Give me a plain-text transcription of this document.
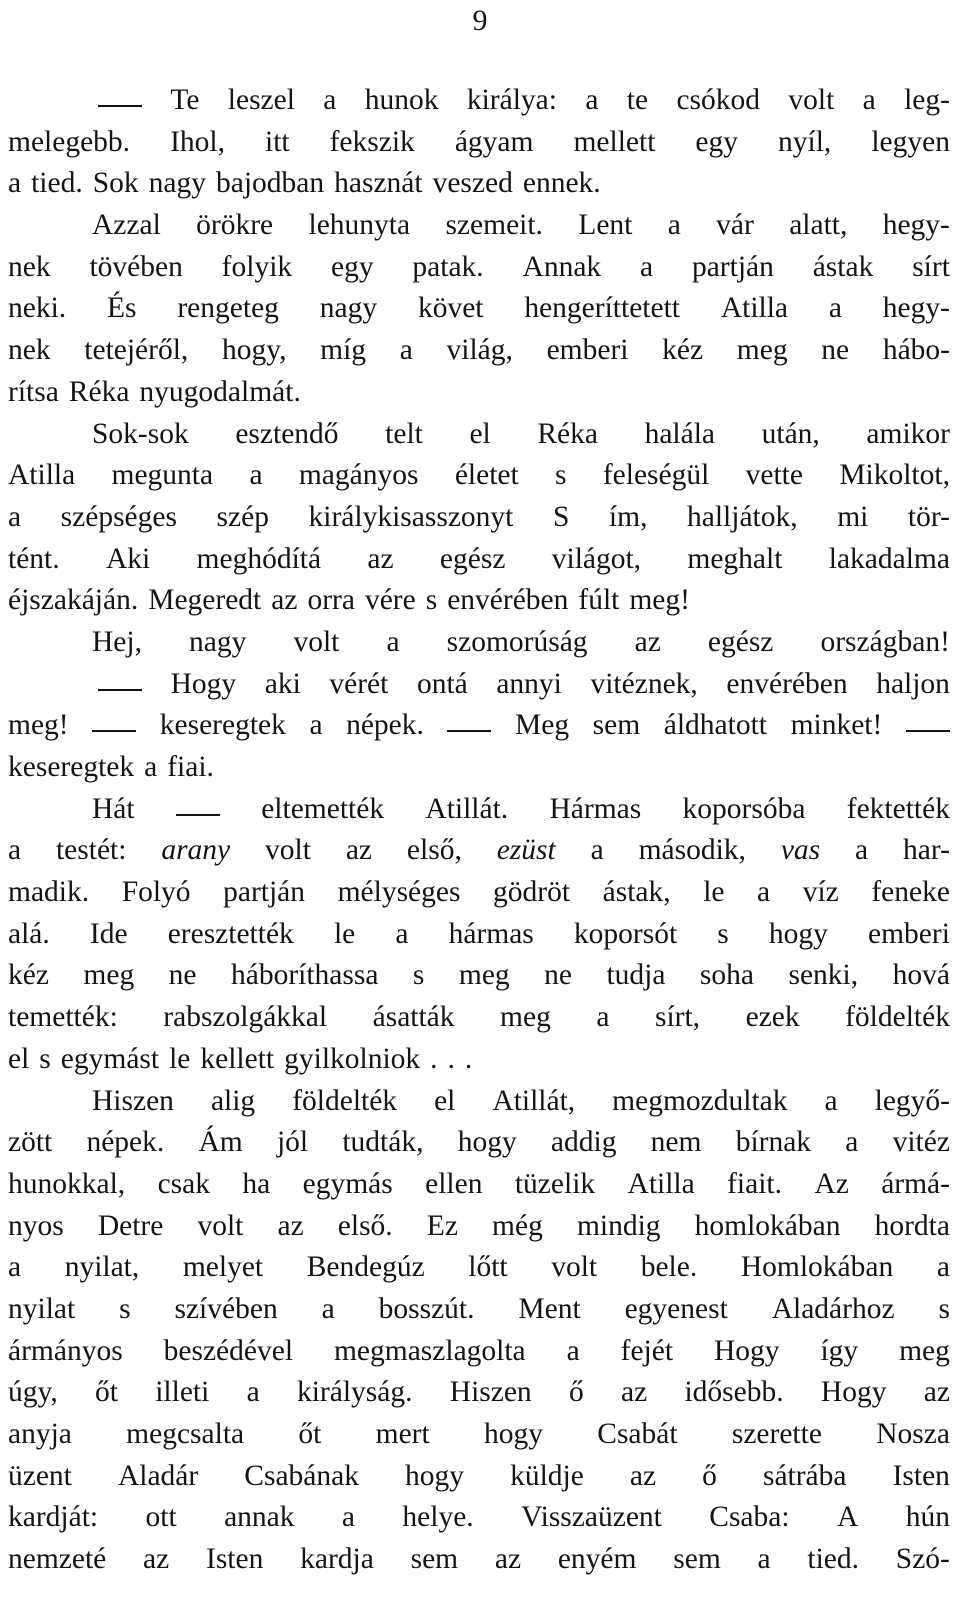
9
Te leszel a hunok királya: a te csókod volt a leg-
melegebb. Ihol, itt fekszik ágyam mellett egy nyíl, legyen
a tied. Sok nagy bajodban hasznát veszed ennek.
Azzal örökre lehunyta szemeit. Lent a vár alatt, hegy-
nek tövében folyik egy patak. Annak a partján ástak sírt
neki. És rengeteg nagy követ hengeríttetett Atilla a hegy-
nek tetejéről, hogy, míg a világ, emberi kéz meg ne hábo-
rítsa Réka nyugodalmát.
Sok-sok esztendő telt el Réka halála után, amikor
Atilla megunta a magányos életet s feleségül vette Mikoltot,
a szépséges szép királykisasszonyt S ím, halljátok, mi tör-
tént. Aki meghódítá az egész világot, meghalt lakadalma
éjszakáján. Megeredt az orra vére s envérében fúlt meg!
Hej, nagy volt a szomorúság az egész országban!
Hogy aki vérét ontá annyi vitéznek, envérében haljon
meg!	keseregtek a népek.	Meg sem áldhatott minket!
keseregtek a fiai.
Hát	eltemették Atillát. Hármas koporsóba fektették
a testét: arany volt az első, ezüst a második, vas a har-
madik. Folyó partján mélységes gödröt ástak, le a víz feneke
alá. Ide eresztették le a hármas koporsót s hogy emberi
kéz meg ne háboríthassa s meg ne tudja soha senki, hová
temették: rabszolgákkal ásatták meg a sírt, ezek földelték
el s egymást le kellett gyilkolniok . . .
Hiszen alig földelték el Atillát, megmozdultak a legyő-
zött népek. Ám jól tudták, hogy addig nem bírnak a vitéz
hunokkal, csak ha egymás ellen tüzelik Atilla fiait. Az ármá-
nyos Detre volt az első. Ez még mindig homlokában hordta
a nyilat, melyet Bendegúz lőtt volt bele. Homlokában a
nyilat s szívében a bosszút. Ment egyenest Aladárhoz s
ármányos beszédével megmaszlagolta a fejét Hogy így meg
úgy, őt illeti a királyság. Hiszen ő az idősebb. Hogy az
anyja megcsalta őt mert hogy Csabát szerette Nosza
üzent Aladár Csabának hogy küldje az ő sátrába Isten
kardját: ott annak a helye. Visszaüzent Csaba: A hún
nemzeté az Isten kardja sem az enyém sem a tied. Szó-
